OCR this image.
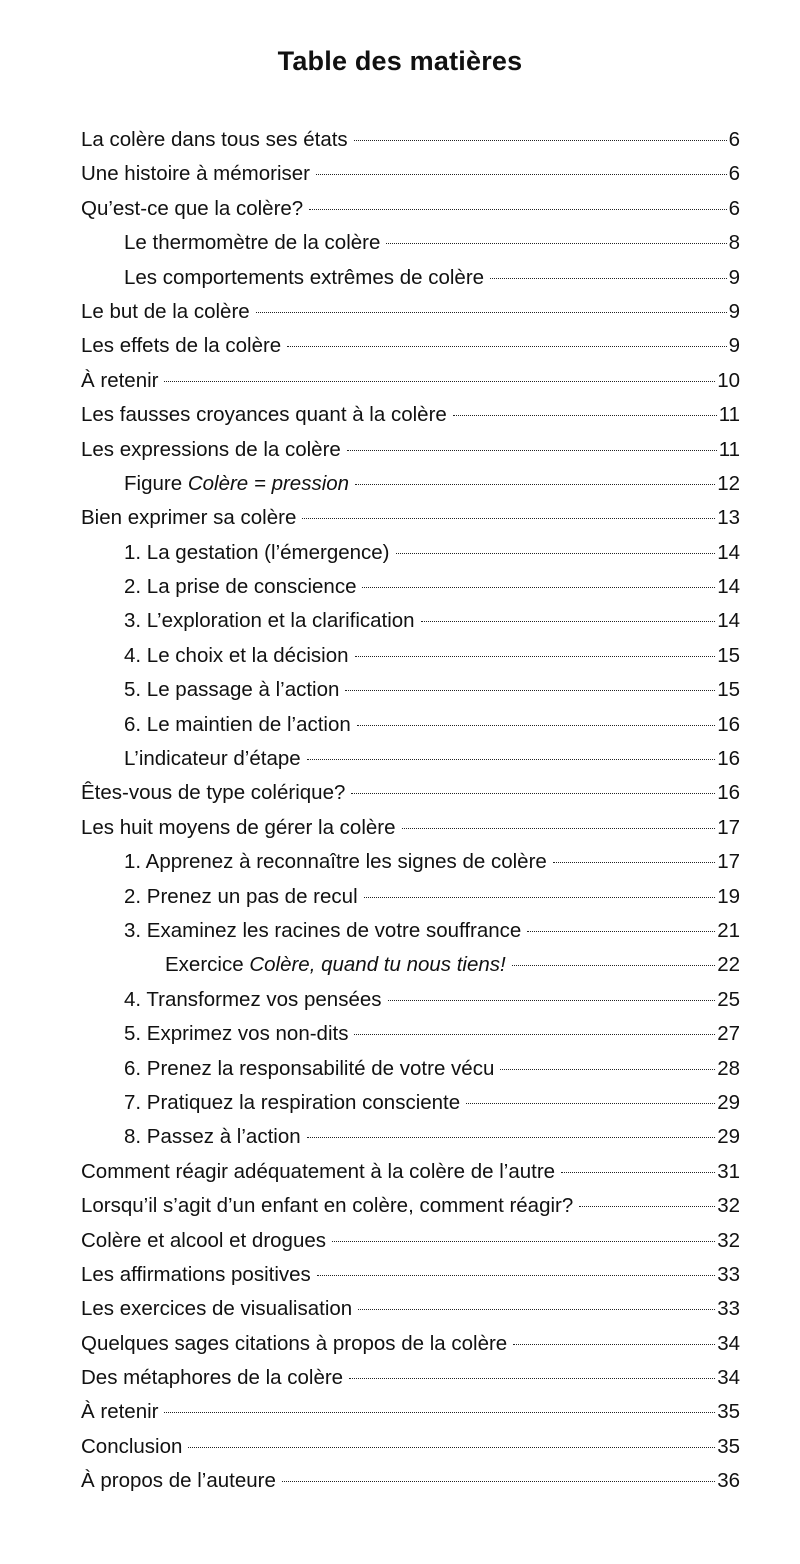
Table des matières
La colère dans tous ses états	6
Une histoire à mémoriser	6
Qu’est-ce que la colère?	6
Le thermomètre de la colère	8
Les comportements extrêmes de colère	9
Le but de la colère	9
Les effets de la colère	9
À retenir	10
Les fausses croyances quant à la colère	11
Les expressions de la colère	11
Figure Colère = pression	12
Bien exprimer sa colère	13
1. La gestation (l’émergence)	14
2. La prise de conscience	14
3. L’exploration et la clarification	14
4. Le choix et la décision	15
5. Le passage à l’action	15
6. Le maintien de l’action	16
L’indicateur d’étape	16
Êtes-vous de type colérique?	16
Les huit moyens de gérer la colère	17
1. Apprenez à reconnaître les signes de colère	17
2. Prenez un pas de recul	19
3. Examinez les racines de votre souffrance	21
Exercice Colère, quand tu nous tiens!	22
4. Transformez vos pensées	25
5. Exprimez vos non-dits	27
6. Prenez la responsabilité de votre vécu	28
7. Pratiquez la respiration consciente	29
8. Passez à l’action	29
Comment réagir adéquatement à la colère de l’autre	31
Lorsqu’il s’agit d’un enfant en colère, comment réagir?	32
Colère et alcool et drogues	32
Les affirmations positives	33
Les exercices de visualisation	33
Quelques sages citations à propos de la colère	34
Des métaphores de la colère	34
À retenir	35
Conclusion	35
À propos de l’auteure	36
